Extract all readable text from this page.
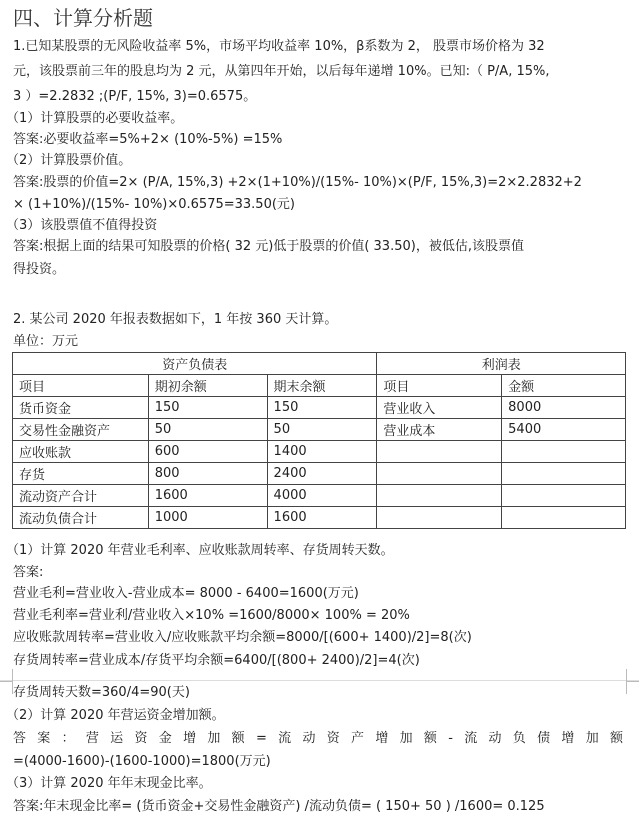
四、计算分析题
1.已知某股票的无风险收益率 5%，市场平均收益率 10%，β系数为 2， 股票市场价格为 32
元，该股票前三年的股息均为 2 元，从第四年开始，以后每年递增 10%。已知:（ P/A, 15%,
3 ）=2.2832 ;(P/F, 15%, 3)=0.6575。
（1）计算股票的必要收益率。
答案:必要收益率=5%+2× (10%-5%) =15%
（2）计算股票价值。
答案:股票的价值=2× (P/A, 15%,3) +2×(1+10%)/(15%- 10%)×(P/F, 15%,3)=2×2.2832+2
× (1+10%)/(15%- 10%)×0.6575=33.50(元)
（3）该股票值不值得投资
答案:根据上面的结果可知股票的价格( 32 元)低于股票的价值( 33.50)，被低估,该股票值
得投资。
2. 某公司 2020 年报表数据如下，1 年按 360 天计算。
单位：万元
资产负债表			利润表	
项目	期初余额	期末余额	项目	金额
货币资金	150	150	营业收入	8000
交易性金融资产	50	50	营业成本	5400
应收账款	600	1400		
存货	800	2400		
流动资产合计	1600	4000		
流动负债合计	1000	1600		
（1）计算 2020 年营业毛利率、应收账款周转率、存货周转天数。
答案:
营业毛利=营业收入-营业成本= 8000 - 6400=1600(万元)
营业毛利率=营业利/营业收入×10% =1600/8000× 100% = 20%
应收账款周转率=营业收入/应收账款平均余额=8000/[(600+ 1400)/2]=8(次)
存货周转率=营业成本/存货平均余额=6400/[(800+ 2400)/2]=4(次)
存货周转天数=360/4=90(天)
（2）计算 2020 年营运资金增加额。
答案：营运资金增加额=流动资产增加额-流动负债增加额
=(4000-1600)-(1600-1000)=1800(万元)
（3）计算 2020 年年末现金比率。
答案:年末现金比率= (货币资金+交易性金融资产) /流动负债= ( 150+ 50 ) /1600= 0.125
